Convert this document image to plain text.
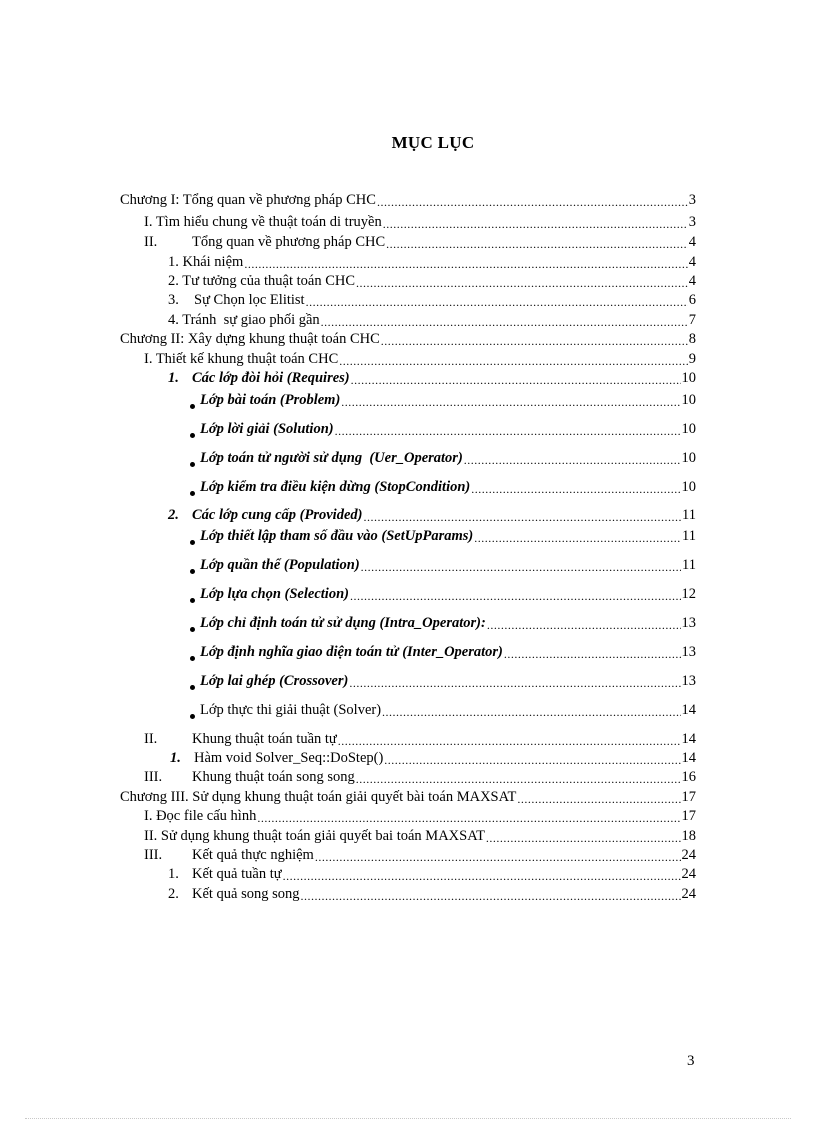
MỤC LỤC
Chương I: Tổng quan về phương pháp CHC .....	3
I. Tìm hiểu chung về thuật toán di truyền .....	3
II.	Tổng quan về phương pháp CHC .....	4
1. Khái niệm .....	4
2. Tư tưởng của thuật toán CHC .....	4
3.	Sự Chọn lọc Elitist .....	6
4. Tránh  sự giao phối gần .....	7
Chương II: Xây dựng khung thuật toán CHC .....	8
I. Thiết kế khung thuật toán CHC .....	9
1. Các lớp đòi hỏi (Requires) .....	10
Lớp bài toán (Problem) .....	10
Lớp lời giải (Solution) .....	10
Lớp toán tử người sử dụng  (Uer_Operator) .....	10
Lớp kiểm tra điều kiện dừng (StopCondition) .....	10
2. Các lớp cung cấp (Provided) .....	11
Lớp thiết lập tham số đầu vào (SetUpParams) .....	11
Lớp quần thể (Population) .....	11
Lớp lựa chọn (Selection) .....	12
Lớp chỉ định toán tử sử dụng (Intra_Operator): .....	13
Lớp định nghĩa giao diện toán tử (Inter_Operator) .....	13
Lớp lai ghép (Crossover) .....	13
Lớp thực thi giải thuật (Solver) .....	14
II.	Khung thuật toán tuần tự .....	14
1. Hàm void Solver_Seq::DoStep() .....	14
III.	Khung thuật toán song song .....	16
Chương III. Sử dụng khung thuật toán giải quyết bài toán MAXSAT .....	17
I. Đọc file cấu hình .....	17
II. Sử dụng khung thuật toán giải quyết bai toán MAXSAT .....	18
III.	Kết quả thực nghiệm .....	24
1. Kết quả tuần tự .....	24
2. Kết quả song song .....	24
3
